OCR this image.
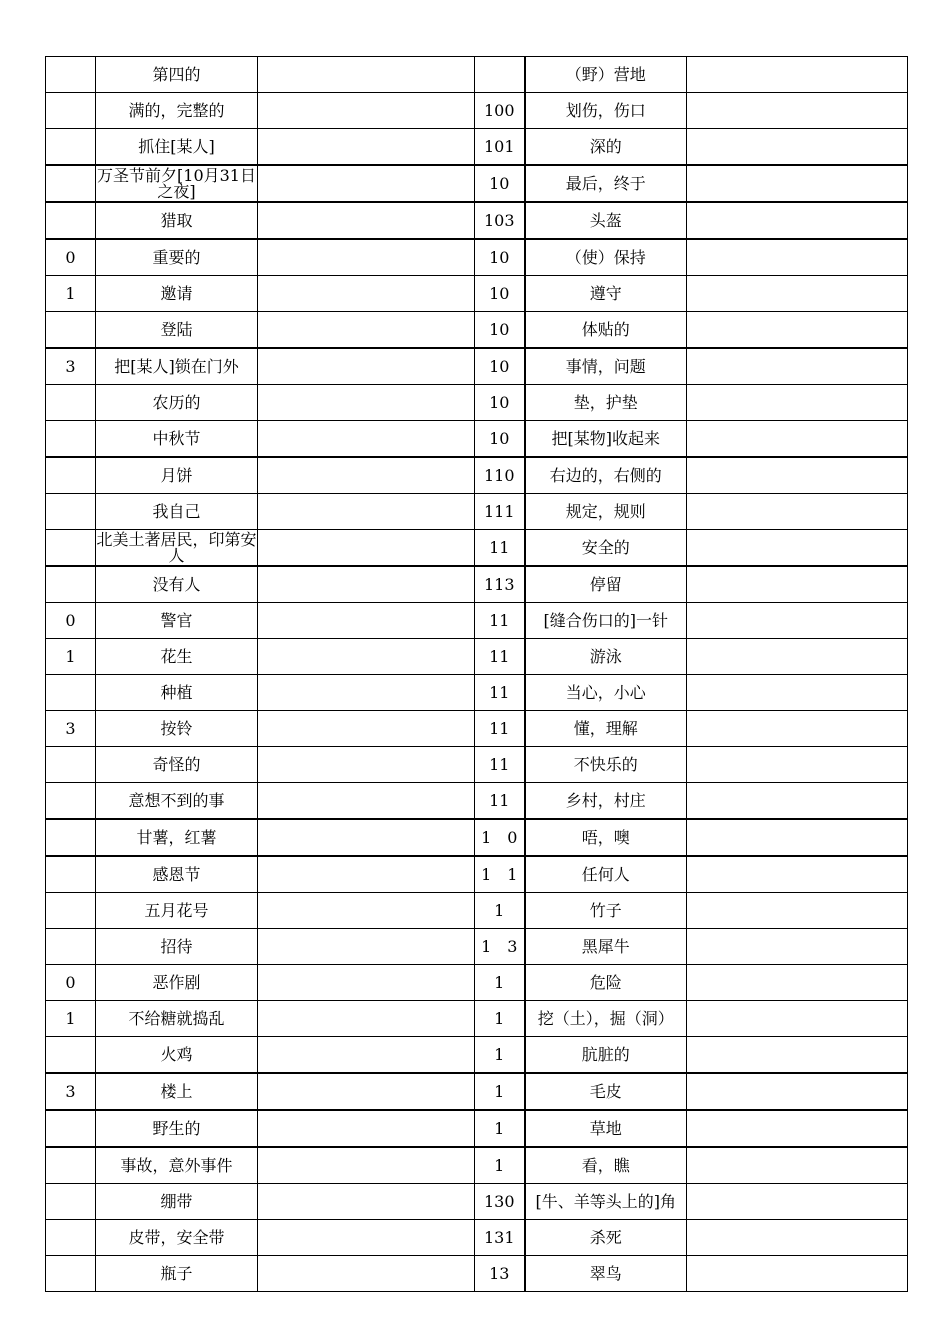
	第四的			（野）营地	
	满的，完整的		100	划伤，伤口	
	抓住[某人]		101	深的	
	万圣节前夕[10月31日之夜]		10	最后，终于	
	猎取		103	头盔	
0	重要的		10	（使）保持	
1	邀请		10	遵守	
	登陆		10	体贴的	
3	把[某人]锁在门外		10	事情，问题	
	农历的		10	垫，护垫	
	中秋节		10	把[某物]收起来	
	月饼		110	右边的，右侧的	
	我自己		111	规定，规则	
	北美土著居民，印第安人		11	安全的	
	没有人		113	停留	
0	警官		11	[缝合伤口的]一针	
1	花生		11	游泳	
	种植		11	当心，小心	
3	按铃		11	懂，理解	
	奇怪的		11	不快乐的	
	意想不到的事		11	乡村，村庄	
	甘薯，红薯		1　0	唔，噢	
	感恩节		1　1	任何人	
	五月花号		1	竹子	
	招待		1　3	黑犀牛	
0	恶作剧		1	危险	
1	不给糖就捣乱		1	挖（土），掘（洞）	
	火鸡		1	肮脏的	
3	楼上		1	毛皮	
	野生的		1	草地	
	事故，意外事件		1	看，瞧	
	绷带		130	[牛、羊等头上的]角	
	皮带，安全带		131	杀死	
	瓶子		13	翠鸟	
